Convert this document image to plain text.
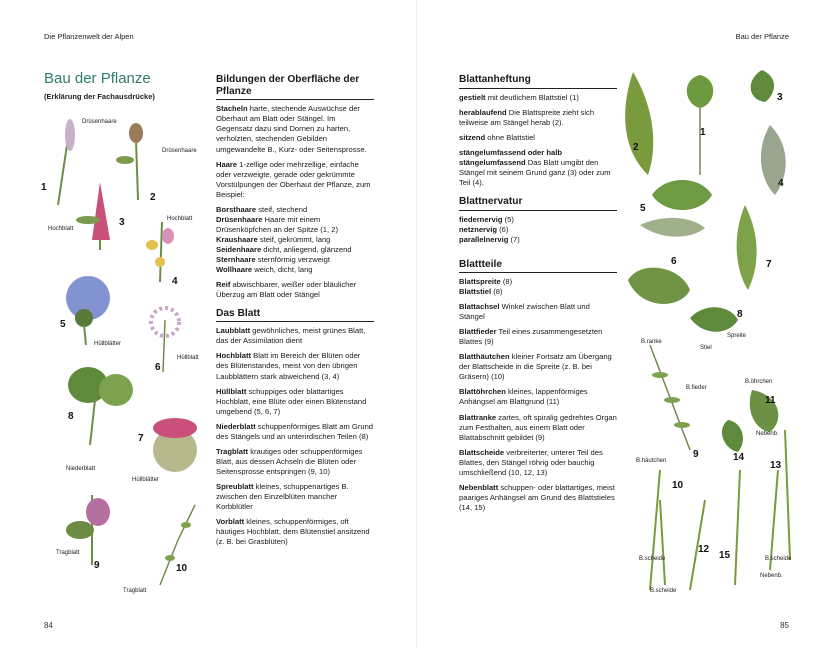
Die Pflanzenwelt der Alpen	Bau der Pflanze
84	85
Bau der Pflanze
(Erklärung der Fachausdrücke)
1
2
3
4
5
6
7
8
9	10
Drüsenhaare
Drüsenhaare
Hochblatt
Hochblatt
Hüllblätter
Hüllblatt
Niederblatt
Hüllblätter
Tragblatt
Tragblatt
Bildungen der Oberfläche der Pflanze

Stacheln harte, stechende Auswüchse der Oberhaut am Blatt oder Stängel. Im Gegensatz dazu sind Dornen zu harten, verholzten, stechenden Gebilden umgewandelte B., Kurz- oder Seitensprosse.

Haare 1-zellige oder mehrzellige, einfache oder verzweigte, gerade oder gekrümmte Vorstülpungen der Oberhaut der Pflanze, zum Beispiel:

Borsthaare steif, stechend
Drüsenhaare Haare mit einem Drüsenköpfchen an der Spitze (1, 2)
Kraushaare steif, gekrümmt, lang
Seidenhaare dicht, anliegend, glänzend
Sternhaare sternförmig verzweigt

Wollhaare weich, dicht, lang

Reif abwischbarer, weißer oder bläulicher Überzug am Blatt oder Stängel

Das Blatt

Laubblatt gewöhnliches, meist grünes Blatt, das der Assimilation dient

Hochblatt Blatt im Bereich der Blüten oder des Blütenstandes, meist von den übrigen Laubblättern stark abweichend (3, 4)

Hüllblatt schuppiges oder blattartiges Hochblatt, eine Blüte oder einen Blütenstand umgebend (5, 6, 7)

Niederblatt schuppenförmiges Blatt am Grund des Stängels und an unterirdischen Teilen (8)

Tragblatt krautiges oder schuppenförmiges Blatt, aus dessen Achseln die Blüten oder Seitensprosse entspringen (9, 10)

Spreublatt kleines, schuppenartiges B. zwischen den Einzelblüten mancher Korbblütler

Vorblatt kleines, schuppenförmiges, oft häutiges Hochblatt, dem Blütenstiel ansitzend (z. B. bei Grasblüten)

Blattanheftung

gestielt mit deutlichem Blattstiel (1)

herablaufend Die Blattspreite zieht sich teilweise am Stängel herab (2).

sitzend ohne Blattstiel

stängelumfassend oder halb stängelumfassend Das Blatt umgibt den Stängel mit seinem Grund ganz (3) oder zum Teil (4).

Blattnervatur
fiedernervig (5)
netznervig (6)

parallelnervig (7)

Blattteile
Blattspreite (8)

Blattstiel (8)

Blattachsel Winkel zwischen Blatt und Stängel

Blattfieder Teil eines zusammengesetzten Blattes (9)

Blatthäutchen kleiner Fortsatz am Übergang der Blattscheide in die Spreite (z. B. bei Gräsern) (10)

Blattöhrchen kleines, lappenförmiges Anhängsel am Blattgrund (11)

Blattranke zartes, oft spiralig gedrehtes Organ zum Festhalten, aus einem Blatt oder Blattabschnitt gebildet (9)

Blattscheide verbreiterter, unterer Teil des Blattes, den Stängel röhrig oder bauchig umschließend (10, 12, 13)

Nebenblatt schuppen- oder blattartiges, meist paariges Anhängsel am Grund des Blattstieles (14, 15)

1
2
3
4
5
6	7
8
9
10
11
12
13
14
15
B.ranke
Stiel
Spreite
B.fieder
B.öhrchen
Nebenb.
B.häutchen
B.scheide
B.scheide
B.scheide
Nebenb.
